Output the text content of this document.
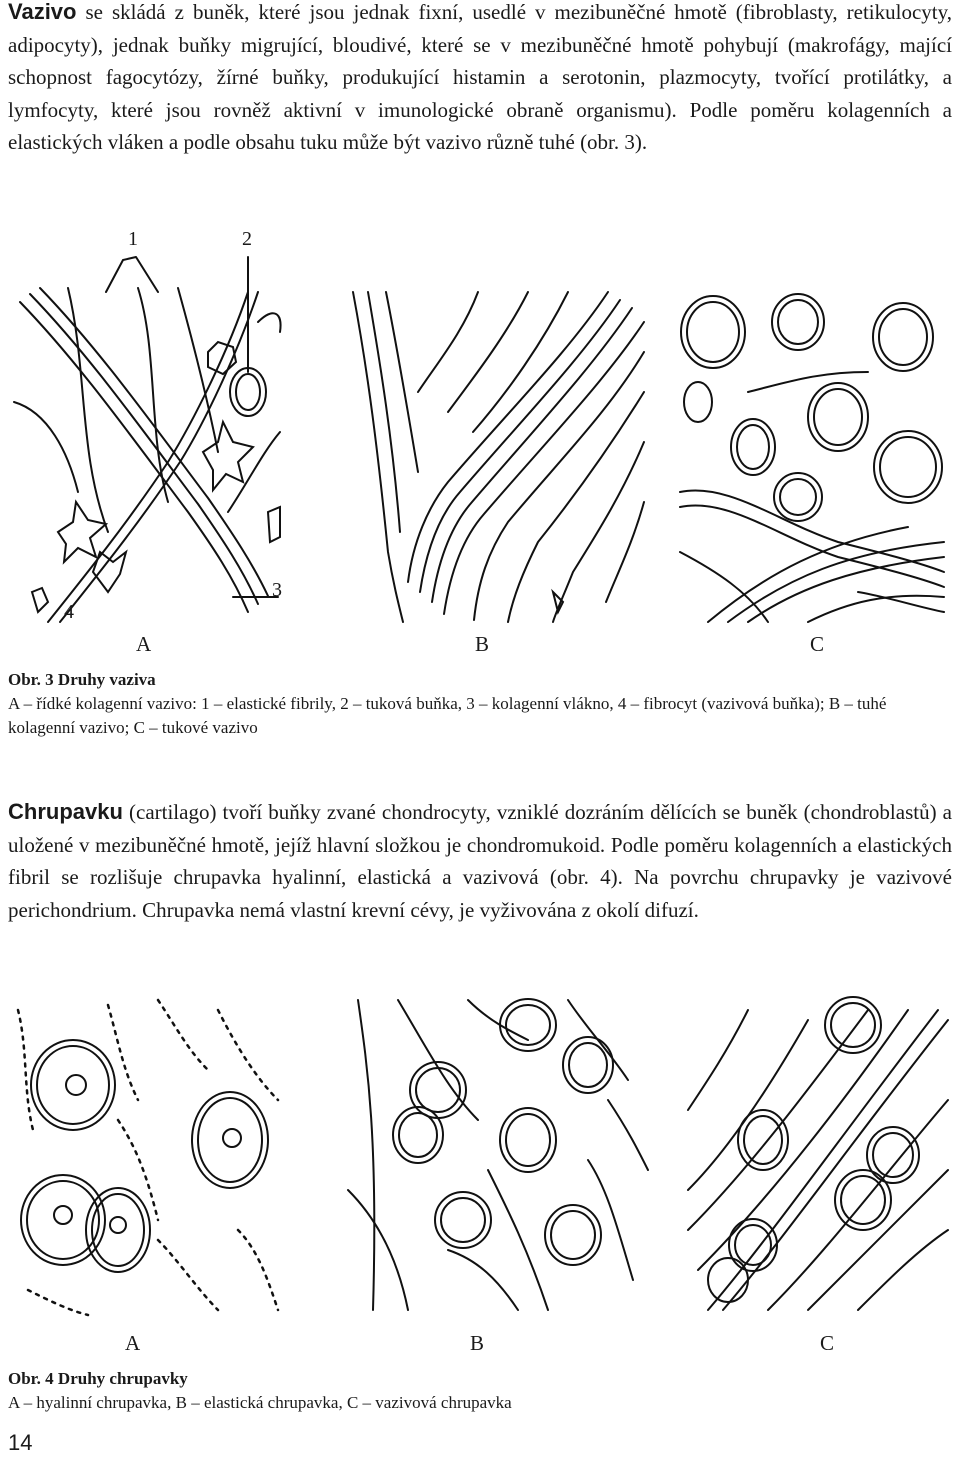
Vazivo se skládá z buněk, které jsou jednak fixní, usedlé v mezibuněčné hmotě (fibroblasty, retikulocyty, adipocyty), jednak buňky migrující, bloudivé, které se v mezibuněčné hmotě pohybují (makrofágy, mající schopnost fagocytózy, žírné buňky, produkující histamin a serotonin, plazmocyty, tvořící protilátky, a lymfocyty, které jsou rovněž aktivní v imunologické obraně organismu). Podle poměru kolagenních a elastických vláken a podle obsahu tuku může být vazivo různě tuhé (obr. 3).

1	2
3
4
A	B	C
Obr. 3 Druhy vaziva
A – řídké kolagenní vazivo: 1 – elastické fibrily, 2 – tuková buňka, 3 – kolagenní vlákno, 4 – fibrocyt (vazivová buňka); B – tuhé kolagenní vazivo; C – tukové vazivo

Chrupavku (cartilago) tvoří buňky zvané chondrocyty, vzniklé dozráním dělících se buněk (chondroblastů) a uložené v mezibuněčné hmotě, jejíž hlavní složkou je chondromukoid. Podle poměru kolagenních a elastických fibril se rozlišuje chrupavka hyalinní, elastická a vazivová (obr. 4). Na povrchu chrupavky je vazivové perichondrium. Chrupavka nemá vlastní krevní cévy, je vyživována z okolí difuzí.

A	B	C
Obr. 4 Druhy chrupavky
A – hyalinní chrupavka, B – elastická chrupavka, C – vazivová chrupavka
14
